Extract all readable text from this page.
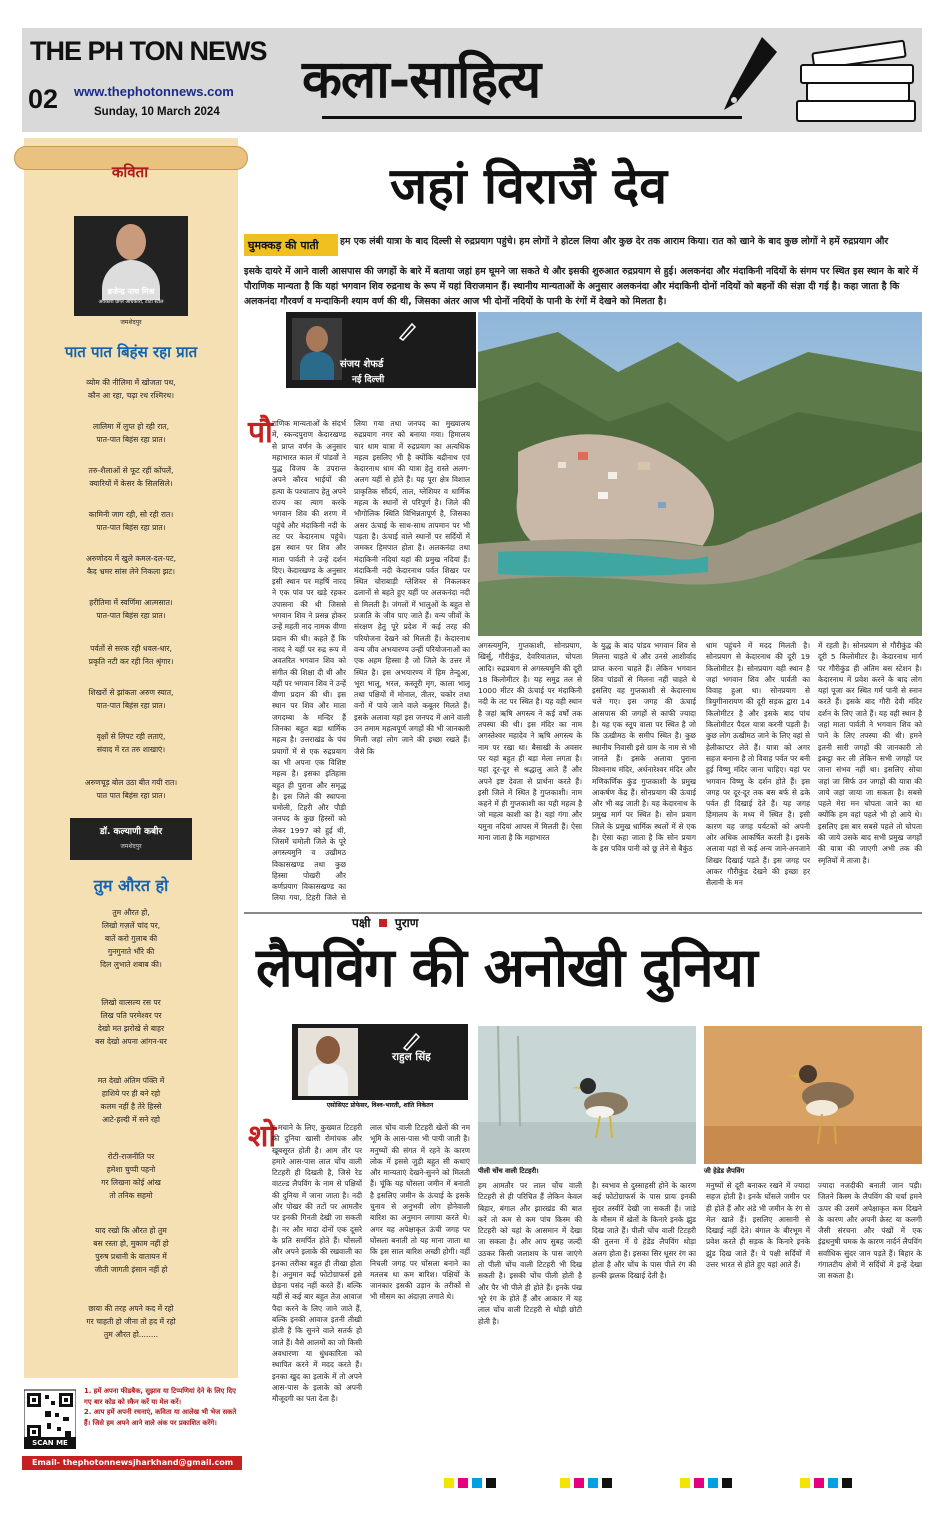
THE PH TON NEWS
02 www.thephotonnews.com
Sunday, 10 March 2024
कला-साहित्य
कविता
ब्रजेन्द्र नाथ मिश्र
अवकाश प्राप्त अधिकारी, टाटा स्टील
जमशेदपुर
पात पात बिहंस रहा प्रात
व्योम की नीलिमा में खोजता पथ,
कौन आ रहा, चढ़ा रथ रश्मिरथ।
लालिमा में लुप्त हो रही रात,
पात-पात बिहंस रहा प्रात।
तरु-शैलाओं से फूट रहीं कोंपलें,
क्यारियों में केसर के सिलसिले।
कामिनी जाग रही, सो रही रात।
पात-पात बिहंस रहा प्रात।
अरुणोदय में खुले कमल-दल-पट,
कैद भ्रमर सांस लेने निकला झट।
हरीतिमा में स्वर्णिमा आत्मसात।
पात-पात बिहंस रहा प्रात।
पर्वतों से सरक रही धवल-धार,
प्रकृति नटी कर रही नित श्रृंगार।
शिखरों से झांकता अरुण स्यात,
पात-पात बिहंस रहा प्रात।
वृक्षों से लिपट रही लताएं,
संवाद में रत तरु शाखाएं।
अरुणचूड़ बोल उठा बीत गयी रात।
पात पात बिहंस रहा प्रात।
डॉ. कल्याणी कबीर
जमशेदपुर
तुम औरत हो
तुम औरत हो,
लिखो गज़लें चांद पर,
बातें करो गुलाब की
गुनगुनाते भौंरे की
दिल लुभाते शबाब की।
लिखो वात्सल्य रस पर
लिख पति परमेश्वर पर
देखो मत झरोखे से बाहर
बस देखो अपना आंगन-घर
मत देखो अंतिम पंक्ति में
हाशिये पर ही बने रहो
कलम नहीं है तेरे हिस्से
आटे-हल्दी में सने रहो
रोटी-राजनीति पर
हमेशा चुप्पी पहनो
गर लिखना कोई आंख
तो तनिक सहमो
याद रखो कि औरत हो तुम
बस रस्ता हो, मुकाम नहीं हो
पुरुष प्रधानी के वातायन में
जीती जागती इंसान नहीं हो
छाया की तरह अपने कद में रहो
गर चाहती हो जीना तो हद में रहो
तुम औरत हो........
जहां विराजैं देव
घुमक्कड़ की पाती	हम एक लंबी यात्रा के बाद दिल्ली से रुद्रप्रयाग पहुंचे। हम लोगों ने होटल लिया और कुछ देर तक आराम किया। रात को खाने के बाद कुछ लोगों ने हमें रुद्रप्रयाग और
इसके दायरे में आने वाली आसपास की जगहों के बारे में बताया जहां हम घूमने जा सकते थे और इसकी शुरुआत रुद्रप्रयाग से हुई। अलकनंदा और मंदाकिनी नदियों के संगम पर स्थित इस स्थान के बारे में पौराणिक मान्यता है कि यहां भगवान शिव रुद्रनाथ के रूप में यहां विराजमान हैं। स्थानीय मान्यताओं के अनुसार अलकनंदा और मंदाकिनी दोनों नदियों को बहनों की संज्ञा दी गई है। कहा जाता है कि अलकनंदा गौरवर्ण व मन्दाकिनी श्याम वर्ण की थी, जिसका अंतर आज भी दोनों नदियों के पानी के रंगों में देखने को मिलता है।
संजय शेफर्ड
नई दिल्ली
पौ राणिक मान्यताओं के संदर्भ में, स्कन्दपुराण केदारखण्ड से प्राप्त वर्णन के अनुसार महाभारत काल में पांडवों ने युद्ध विजय के उपरान्त अपने कौरव भाईयों की हत्या के पश्चाताप हेतु अपने राज्य का त्याग करके भगवान शिव की शरण में पहुंचे और मंदाकिनी नदी के तट पर केदारनाथ पहुंचे। इस स्थान पर शिव और माता पार्वती ने उन्हें दर्शन दिए। केदारखण्ड के अनुसार इसी स्थान पर महर्षि नारद ने एक पांव पर खड़े रहकर उपासना की थी जिससे भगवान शिव ने प्रसन्न होकर उन्हें महती नाद नामक वीणा प्रदान की थी। कहते हैं कि नारद ने यहीं पर रुद्र रूप में अवतरित भगवान शिव को संगीत की शिक्षा दी थी और यहीं पर भगवान शिव ने उन्हें वीणा प्रदान की थी। इस स्थान पर शिव और माता जगदम्बा के मन्दिर हैं जिनका बहुत बड़ा धार्मिक महत्व है। उत्तराखंड के पंच प्रयागों में से एक रुद्रप्रयाग का भी अपना एक विशिष्ट महत्व है। इसका इतिहास बहुत ही पुराना और समृद्ध है। इस जिले की स्थापना चमोली, टिहरी और पौड़ी जनपद के कुछ हिस्सों को लेकर 1997 को हुई थी, जिसमें चमोली जिले के पूरे अगस्त्यमुनि व उखीमठ विकासखण्ड तथा कुछ हिस्सा पोखरी और कर्णप्रयाग विकासखण्ड का लिया गया, टिहरी जिले से
लिया गया तथा जनपद का मुख्यालय रुद्रप्रयाग नगर को बनाया गया। हिमालय चार धाम यात्रा में रुद्रप्रयाग का अत्यधिक महत्व इसलिए भी है क्योंकि बद्रीनाथ एवं केदारनाथ धाम की यात्रा हेतु रास्ते अलग-अलग यहीं से होते हैं। यह पूरा क्षेत्र विशाल प्राकृतिक सौंदर्य, ताल, ग्लेशियर व धार्मिक महत्व के स्थानों से परिपूर्ण है। जिले की भौगोलिक स्थिति विभिन्नतापूर्ण है, जिसका असर ऊंचाई के साथ-साथ तापमान पर भी पड़ता है। ऊंचाई वाले स्थानों पर सर्दियों में जमकर हिमपात होता है। अलकनंदा तथा मंदाकिनी नदियां यहां की प्रमुख नदियां हैं। मंदाकिनी नदी केदारनाथ पर्वत शिखर पर स्थित चोराबाड़ी ग्लेशियर से निकलकर ढलानों से बहते हुए यहीं पर अलकनंदा नदी से मिलती है। जंगलों में भालुओं के बहुत से प्रजाति के जीव पाए जाते हैं। वन्य जीवों के संरक्षण हेतु पूरे प्रदेश में कई तरह की परियोजना देखने को मिलती हैं। केदारनाथ वन्य जीव अभयारण्य उन्हीं परियोजनाओं का एक अहम हिस्सा है जो जिले के उत्तर में स्थित है। इस अभयारण्य में हिम तेन्दुआ, भूरा भालू, भरल, कस्तूरी मृग, काला भालू तथा पक्षियों में मोनाल, तीतर, चकोर तथा वनों में पाये जाने वाले कबूतर मिलते हैं। इसके अलावा यहां इस जनपद में आने वाली उन तमाम महत्वपूर्ण जगहों की भी जानकारी मिली जहां लोग जाने की इच्छा रखते हैं। जैसे कि
अगस्त्यमुनि, गुप्तकाशी, सोनप्रयाग, खिर्सू, गौरीकुंड, देवरियाताल, चोपता आदि। रुद्रप्रयाग से अगस्त्यमुनि की दूरी 18 किलोमीटर है। यह समुद्र तल से 1000 मीटर की ऊंचाई पर मंदाकिनी नदी के तट पर स्थित है। यह वही स्थान है जहां ऋषि अगस्त्य ने कई वर्षों तक तपस्या की थी। इस मंदिर का नाम अगस्तेश्वर महादेव ने ऋषि अगस्त्य के नाम पर रखा था। बैसाखी के अवसर पर यहां बहुत ही बड़ा मेला लगता है। यहां दूर-दूर से श्रद्धालु आते हैं और अपने इष्ट देवता से प्रार्थना करते हैं। इसी जिले में स्थित है गुप्तकाशी। नाम कहने में ही गुप्तकाशी का यही महत्व है जो महत्व काशी का है। यहां गंगा और यमुना नदियां आपस में मिलती हैं। ऐसा माना जाता है कि महाभारत
के युद्ध के बाद पांडव भगवान शिव से मिलना चाहते थे और उनसे आशीर्वाद प्राप्त करना चाहते हैं। लेकिन भगवान शिव पांडवों से मिलना नहीं चाहते थे इसलिए वह गुप्तकाशी से केदारनाथ चले गए। इस जगह की ऊंचाई आसपास की जगहों से काफी ज्यादा है। यह एक स्तूप वाला पर स्थित है जो कि ऊखीमठ के समीप स्थित है। कुछ स्थानीय निवासी इसे ग्राम के नाम से भी जानते हैं। इसके अलावा पुराना विश्वनाथ मंदिर, अर्धनारेश्वर मंदिर और मणिकर्णिक कुंड गुप्तकाशी के प्रमुख आकर्षण केंद्र हैं। सोनप्रयाग की ऊंचाई और भी बढ़ जाती है। यह केदारनाथ के प्रमुख मार्ग पर स्थित है। सोन प्रयाग जिले के प्रमुख धार्मिक स्थलों में से एक है। ऐसा कहा जाता है कि सोन प्रयाग के इस पवित्र पानी को छू लेने से बैकुंठ
धाम पहुंचने में मदद मिलती है। सोनप्रयाग से केदारनाथ की दूरी 19 किलोमीटर है। सोनप्रयाग वही स्थान है जहां भगवान शिव और पार्वती का विवाह हुआ था। सोनप्रयाग से त्रियुगीनारायण की दूरी सड़क द्वारा 14 किलोमीटर है और इसके बाद पांच किलोमीटर पैदल यात्रा करनी पड़ती है। कुछ लोग ऊखीमठ जाने के लिए वहां से हेलीकाप्टर लेते हैं। यात्रा को अगर सहज बनाना है तो विवाह पर्वत पर बनी हुई विष्णु मंदिर जाना चाहिए। यहां पर भगवान विष्णु के दर्शन होते हैं। इस जगह पर दूर-दूर तक बस बर्फ से ढके पर्वत ही दिखाई देते हैं। यह जगह हिमालय के मध्य में स्थित है। इसी कारण यह जगह पर्यटकों को अपनी ओर अधिक आकर्षित करती है। इसके अलावा यहां से कई अन्य जाने-अनजाने शिखर दिखाई पड़ते हैं। इस जगह पर आकर गौरीकुंड देखने की इच्छा हर सैलानी के मन
में रहती है। सोनप्रयाग से गौरीकुंड की दूरी 5 किलोमीटर है। केदारनाथ मार्ग पर गौरीकुंड ही अंतिम बस स्टेशन है। केदारनाथ में प्रवेश करने के बाद लोग यहां पूजा कर स्थित गर्म पानी से स्नान करते हैं। इसके बाद गौरी देवी मंदिर दर्शन के लिए जाते हैं। यह वही स्थान है जहां माता पार्वती ने भगवान शिव को पाने के लिए तपस्या की थी। हमने इतनी सारी जगहों की जानकारी तो इकट्ठा कर ली लेकिन सभी जगहों पर जाना संभव नहीं था। इसलिए सोचा जहां जा सिर्फ उन जगहों की यात्रा की जाये जहां जाया जा सकता है। सबसे पहले मेरा मन चोपता जाने का था क्योंकि हम वहां पहले भी हो आये थे। इसलिए इस बार सबसे पहले तो चोपता की जाये उसके बाद सभी प्रमुख जगहों की यात्रा की जाएगी अभी तक की स्मृतियों में ताजा है।
पक्षी पुराण
लैपविंग की अनोखी दुनिया
राहुल सिंह
एसोसिएट प्रोफेसर, विश्व-भारती, शांति निकेतन
पीली चोंच वाली टिटहरी।	जी हेडेड लैपविंग
शो
र मचाने के लिए, कुख्यात टिटहरी की दुनिया खासी रोमांचक और खूबसूरत होती है। आम तौर पर हमारे आस-पास लाल चोंच वाली टिटहरी ही दिखती है, जिसे रेड वाटल्ड लैपविंग के नाम से पक्षियों की दुनिया में जाना जाता है। नदी और पोखर की तटों पर आमतौर पर इनकी गिनती देखी जा सकती है। नर और मादा दोनों एक दूसरे के प्रति समर्पित होते हैं। घोंसलों और अपने इलाके की रखवाली का इनका तरीका बहुत ही तीखा होता है। अनुमान कई फोटोग्राफर्स इसे छेड़ना पसंद नहीं करते हैं। बल्कि यहीं से कई बार बहुत तेज आवाज पैदा करने के लिए जाने जाते हैं, बल्कि इनकी आवाज इतनी तीखी होती है कि सुनने वाले सतर्क हो जाते हैं। वैसे आलमों का जो किसी अवधारणा या धुंधकारिता को स्थापित करने में मदद करते हैं। इनका खुद का इलाके में तो अपने आस-पास के इलाके को अपनी मौजूदगी का पता देता है।
लाल चोंच वाली टिटहरी खेतों की नम भूमि के आस-पास भी पायी जाती है। मनुष्यों की संगत में रहने के कारण लोक में इससे जुड़ी बहुत सी कथाएं और मान्यताएं देखने-सुनने को मिलती हैं। चूंकि यह घोंसला जमीन में बनाती है इसलिए जमीन के ऊंचाई के इसके चुनाव से अनुभवी लोग होनेवाली बारिश का अनुमान लगाया करते थे। अगर यह अपेक्षाकृत ऊंची जगह पर घोंसला बनाती तो यह माना जाता था कि इस साल बारिश अच्छी होगी। वहीं निचली जगह पर घोंसला बनाने का मतलब था कम बारिश। पक्षियों के जानकार इसकी उड़ान के तरीकों से भी मौसम का अंदाज़ा लगाते थे।
हम आमतौर पर लाल चोंच वाली टिटहरी से ही परिचित हैं लेकिन केवल बिहार, बंगाल और झारखंड की बात करें तो कम से कम पांच किस्म की टिटहरी को यहां के आसमान में देखा जा सकता है। और आप सुबह जल्दी उठकर किसी जलाशय के पास जाएंगे तो पीली चोंच वाली टिटहरी भी दिख सकती है। इसकी चोंच पीली होती है और पैर भी पीले ही होते हैं। इनके पंख भूरे रंग के होते हैं और आकार में यह लाल चोंच वाली टिटहरी से थोड़ी छोटी होती है।
है। स्वभाव से दुस्साहसी होने के कारण कई फोटोग्राफर्स के पास प्रायः इनकी सुंदर तस्वीरें देखी जा सकती हैं। जाड़े के मौसम में खेतों के किनारे इनके झुंड दिख जाते हैं। पीली चोंच वाली टिटहरी की तुलना में ग्रे हेडेड लैपविंग थोड़ा अलग होता है। इसका सिर धूसर रंग का होता है और चोंच के पास पीले रंग की हल्की झलक दिखाई देती है।
मनुष्यों से दूरी बनाकर रखने में ज्यादा सहज होती है। इनके घोंसले जमीन पर ही होते हैं और अंडे भी जमीन के रंग से मेल खाते हैं। इसलिए आसानी से दिखाई नहीं देते। बंगाल के बीरभूम में प्रवेश करते ही सड़क के किनारे इनके झुंड दिख जाते हैं। ये पक्षी सर्दियों में उत्तर भारत से होते हुए यहां आते हैं।
ज्यादा नजदीकी बनाती जान पड़ी। जितने किस्म के लैपविंग की चर्चा हमने ऊपर की उसमें अपेक्षाकृत कम दिखने के कारण और अपनी क्रेस्ट या कलगी जैसी संरचना और पंखों में एक इंद्रधनुषी चमक के कारण नार्दर्न लैपविंग सर्वाधिक सुंदर जान पड़ते हैं। बिहार के गंगातटीय क्षेत्रों में सर्दियों में इन्हें देखा जा सकता है।
SCAN ME
1. हमें अपना फीडबैक, सुझाव या टिप्पणियां देने के लिए दिए गए बार कोड को स्कैन करें या मेल करें।
2. आप हमें अपनी रचनाएं, कविता या आलेख भी भेज सकते हैं। जिसे हम अपने आने वाले अंक पर प्रकाशित करेंगे।
Email- thephotonnewsjharkhand@gmail.com
